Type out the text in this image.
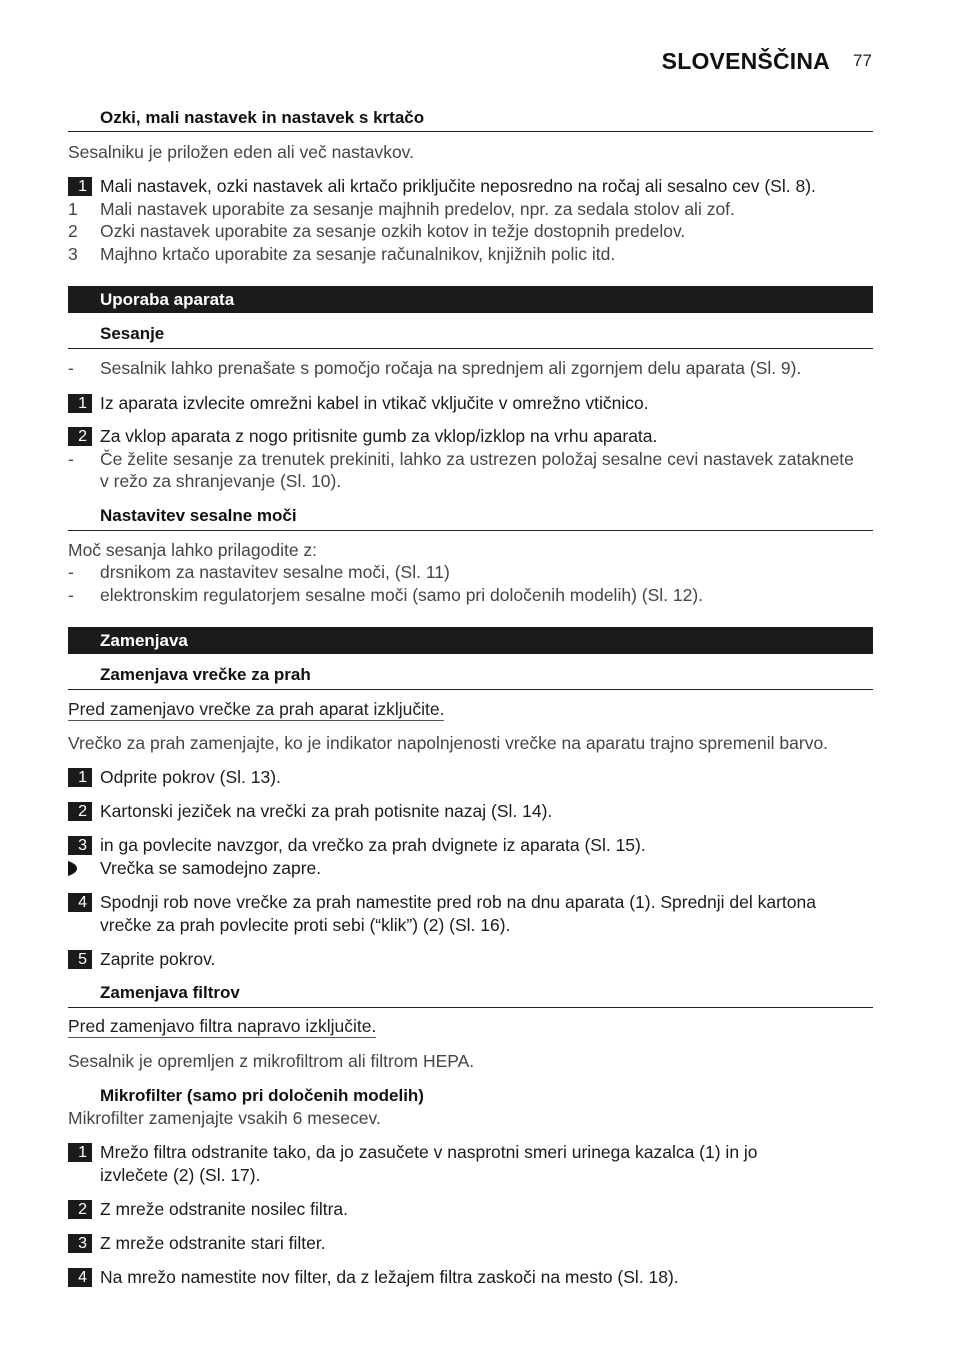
SLOVENŠČINA 77
Ozki, mali nastavek in nastavek s krtačo
Sesalniku je priložen eden ali več nastavkov.
1 Mali nastavek, ozki nastavek ali krtačo priključite neposredno na ročaj ali sesalno cev (Sl. 8).
1 Mali nastavek uporabite za sesanje majhnih predelov, npr. za sedala stolov ali zof.
2 Ozki nastavek uporabite za sesanje ozkih kotov in težje dostopnih predelov.
3 Majhno krtačo uporabite za sesanje računalnikov, knjižnih polic itd.
Uporaba aparata
Sesanje
- Sesalnik lahko prenašate s pomočjo ročaja na sprednjem ali zgornjem delu aparata (Sl. 9).
1 Iz aparata izvlecite omrežni kabel in vtikač vključite v omrežno vtičnico.
2 Za vklop aparata z nogo pritisnite gumb za vklop/izklop na vrhu aparata.
- Če želite sesanje za trenutek prekiniti, lahko za ustrezen položaj sesalne cevi nastavek zataknete
v režo za shranjevanje (Sl. 10).
Nastavitev sesalne moči
Moč sesanja lahko prilagodite z:
- drsnikom za nastavitev sesalne moči, (Sl. 11)
- elektronskim regulatorjem sesalne moči (samo pri določenih modelih) (Sl. 12).
Zamenjava
Zamenjava vrečke za prah
Pred zamenjavo vrečke za prah aparat izključite.
Vrečko za prah zamenjajte, ko je indikator napolnjenosti vrečke na aparatu trajno spremenil barvo.
1 Odprite pokrov (Sl. 13).
2 Kartonski jeziček na vrečki za prah potisnite nazaj (Sl. 14).
3 in ga povlecite navzgor, da vrečko za prah dvignete iz aparata (Sl. 15).
Vrečka se samodejno zapre.
4 Spodnji rob nove vrečke za prah namestite pred rob na dnu aparata (1). Sprednji del kartona
vrečke za prah povlecite proti sebi (“klik”) (2) (Sl. 16).
5 Zaprite pokrov.
Zamenjava filtrov
Pred zamenjavo filtra napravo izključite.
Sesalnik je opremljen z mikrofiltrom ali filtrom HEPA.
Mikrofilter (samo pri določenih modelih)
Mikrofilter zamenjajte vsakih 6 mesecev.
1 Mrežo filtra odstranite tako, da jo zasučete v nasprotni smeri urinega kazalca (1) in jo
izvlečete (2) (Sl. 17).
2 Z mreže odstranite nosilec filtra.
3 Z mreže odstranite stari filter.
4 Na mrežo namestite nov filter, da z ležajem filtra zaskoči na mesto (Sl. 18).
